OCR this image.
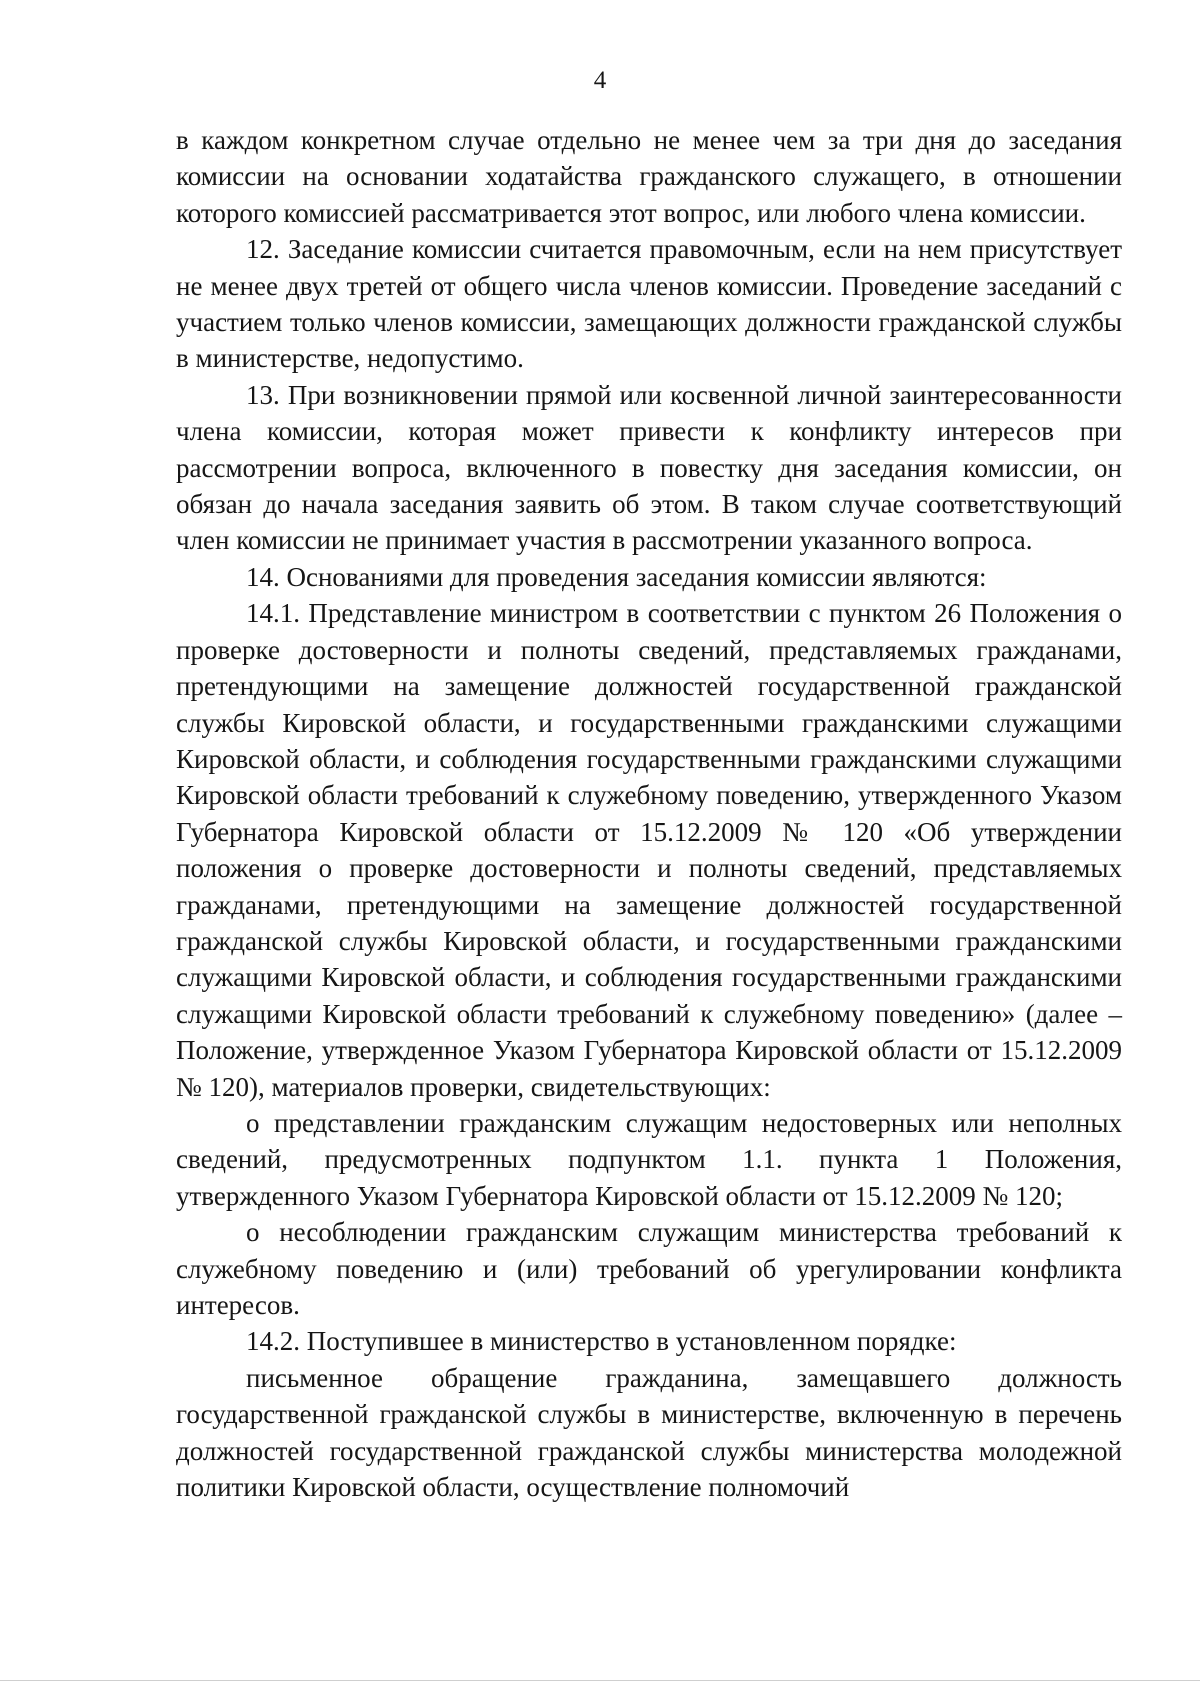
4

в каждом конкретном случае отдельно не менее чем за три дня до заседания комиссии на основании ходатайства гражданского служащего, в отношении которого комиссией рассматривается этот вопрос, или любого члена комиссии.

12. Заседание комиссии считается правомочным, если на нем присутствует не менее двух третей от общего числа членов комиссии. Проведение заседаний с участием только членов комиссии, замещающих должности гражданской службы в министерстве, недопустимо.

13. При возникновении прямой или косвенной личной заинтересованности члена комиссии, которая может привести к конфликту интересов при рассмотрении вопроса, включенного в повестку дня заседания комиссии, он обязан до начала заседания заявить об этом. В таком случае соответствующий член комиссии не принимает участия в рассмотрении указанного вопроса.

14. Основаниями для проведения заседания комиссии являются:

14.1. Представление министром в соответствии с пунктом 26 Положения о проверке достоверности и полноты сведений, представляемых гражданами, претендующими на замещение должностей государственной гражданской службы Кировской области, и государственными гражданскими служащими Кировской области, и соблюдения государственными гражданскими служащими Кировской области требований к служебному поведению, утвержденного Указом Губернатора Кировской области от 15.12.2009 № 120 «Об утверждении положения о проверке достоверности и полноты сведений, представляемых гражданами, претендующими на замещение должностей государственной гражданской службы Кировской области, и государственными гражданскими служащими Кировской области, и соблюдения государственными гражданскими служащими Кировской области требований к служебному поведению» (далее – Положение, утвержденное Указом Губернатора Кировской области от 15.12.2009 № 120), материалов проверки, свидетельствующих:

о представлении гражданским служащим недостоверных или неполных сведений, предусмотренных подпунктом 1.1. пункта 1 Положения, утвержденного Указом Губернатора Кировской области от 15.12.2009 № 120;

о несоблюдении гражданским служащим министерства требований к служебному поведению и (или) требований об урегулировании конфликта интересов.

14.2. Поступившее в министерство в установленном порядке:

письменное обращение гражданина, замещавшего должность государственной гражданской службы в министерстве, включенную в перечень должностей государственной гражданской службы министерства молодежной политики Кировской области, осуществление полномочий
